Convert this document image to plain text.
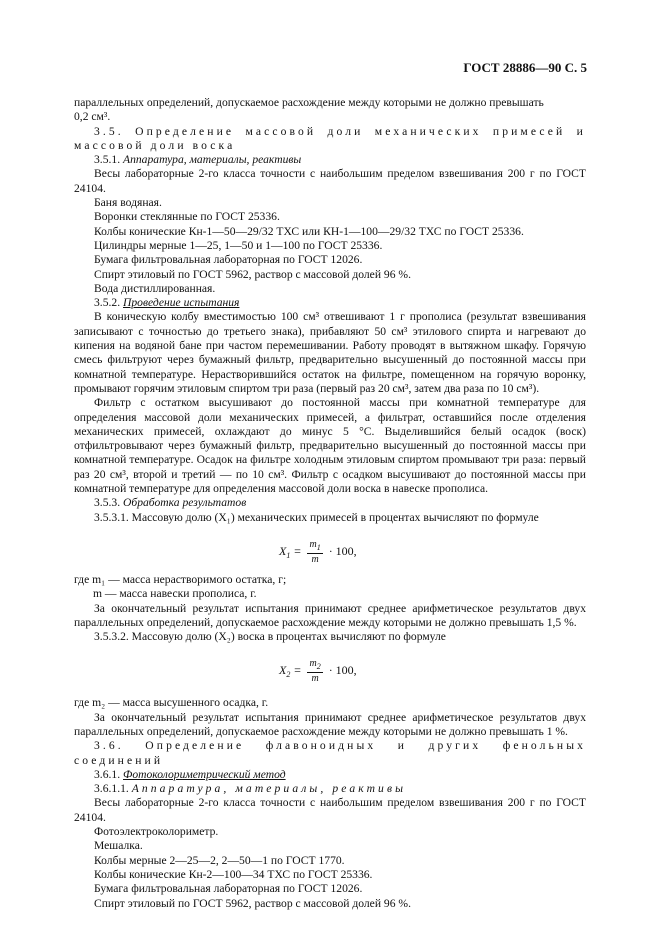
ГОСТ 28886—90 С. 5

параллельных определений, допускаемое расхождение между которыми не должно превышать

0,2 см³.

3.5. Определение массовой доли механических примесей и массовой доли воска

3.5.1. Аппаратура, материалы, реактивы

Весы лабораторные 2-го класса точности с наибольшим пределом взвешивания 200 г по ГОСТ 24104.

Баня водяная.

Воронки стеклянные по ГОСТ 25336.

Колбы конические Кн-1—50—29/32 ТХС или КН-1—100—29/32 ТХС по ГОСТ 25336.

Цилиндры мерные 1—25, 1—50 и 1—100 по ГОСТ 25336.

Бумага фильтровальная лабораторная по ГОСТ 12026.

Спирт этиловый по ГОСТ 5962, раствор с массовой долей 96 %.

Вода дистиллированная.

3.5.2. Проведение испытания

В коническую колбу вместимостью 100 см³ отвешивают 1 г прополиса (результат взвешивания записывают с точностью до третьего знака), прибавляют 50 см³ этилового спирта и нагревают до кипения на водяной бане при частом перемешивании. Работу проводят в вытяжном шкафу. Горячую смесь фильтруют через бумажный фильтр, предварительно высушенный до постоянной массы при комнатной температуре. Нерастворившийся остаток на фильтре, помещенном на горячую воронку, промывают горячим этиловым спиртом три раза (первый раз 20 см³, затем два раза по 10 см³).

Фильтр с остатком высушивают до постоянной массы при комнатной температуре для определения массовой доли механических примесей, а фильтрат, оставшийся после отделения механических примесей, охлаждают до минус 5 °С. Выделившийся белый осадок (воск) отфильтровывают через бумажный фильтр, предварительно высушенный до постоянной массы при комнатной температуре. Осадок на фильтре холодным этиловым спиртом промывают три раза: первый раз 20 см³, второй и третий — по 10 см³. Фильтр с осадком высушивают до постоянной массы при комнатной температуре для определения массовой доли воска в навеске прополиса.

3.5.3. Обработка результатов

3.5.3.1. Массовую долю (X₁) механических примесей в процентах вычисляют по формуле

$X_1 = \frac{m_1}{m} \cdot 100$,

где m₁ — масса нерастворимого остатка, г;

m — масса навески прополиса, г.

За окончательный результат испытания принимают среднее арифметическое результатов двух параллельных определений, допускаемое расхождение между которыми не должно превышать 1,5 %.

3.5.3.2. Массовую долю (X₂) воска в процентах вычисляют по формуле

$X_2 = \frac{m_2}{m} \cdot 100$,

где m₂ — масса высушенного осадка, г.

За окончательный результат испытания принимают среднее арифметическое результатов двух параллельных определений, допускаемое расхождение между которыми не должно превышать 1 %.

3.6. Определение флавоноидных и других фенольных соединений

3.6.1. Фотоколориметрический метод

3.6.1.1. Аппаратура, материалы, реактивы

Весы лабораторные 2-го класса точности с наибольшим пределом взвешивания 200 г по ГОСТ 24104.

Фотоэлектроколориметр.

Мешалка.

Колбы мерные 2—25—2, 2—50—1 по ГОСТ 1770.

Колбы конические Кн-2—100—34 ТХС по ГОСТ 25336.

Бумага фильтровальная лабораторная по ГОСТ 12026.

Спирт этиловый по ГОСТ 5962, раствор с массовой долей 96 %.
